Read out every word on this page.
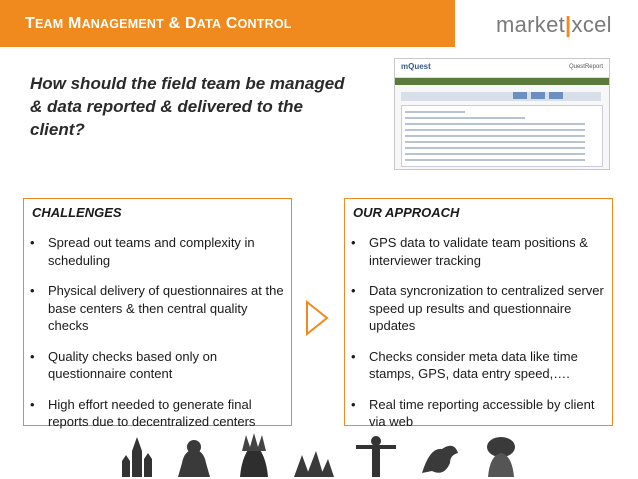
TEAM MANAGEMENT & DATA CONTROL	market|xcel
How should the field team be managed & data reported & delivered to the client?
mQuest	QuestReport
CHALLENGES
• Spread out teams and complexity in scheduling
• Physical delivery of questionnaires at the base centers & then central quality checks
• Quality checks based only on questionnaire content
• High effort needed to generate final reports due to decentralized centers
OUR APPROACH
• GPS data to validate team positions & interviewer tracking
• Data syncronization to centralized server speed up results and questionnaire updates
• Checks consider meta data like time stamps, GPS, data entry speed,….
• Real time reporting accessible by client via web
